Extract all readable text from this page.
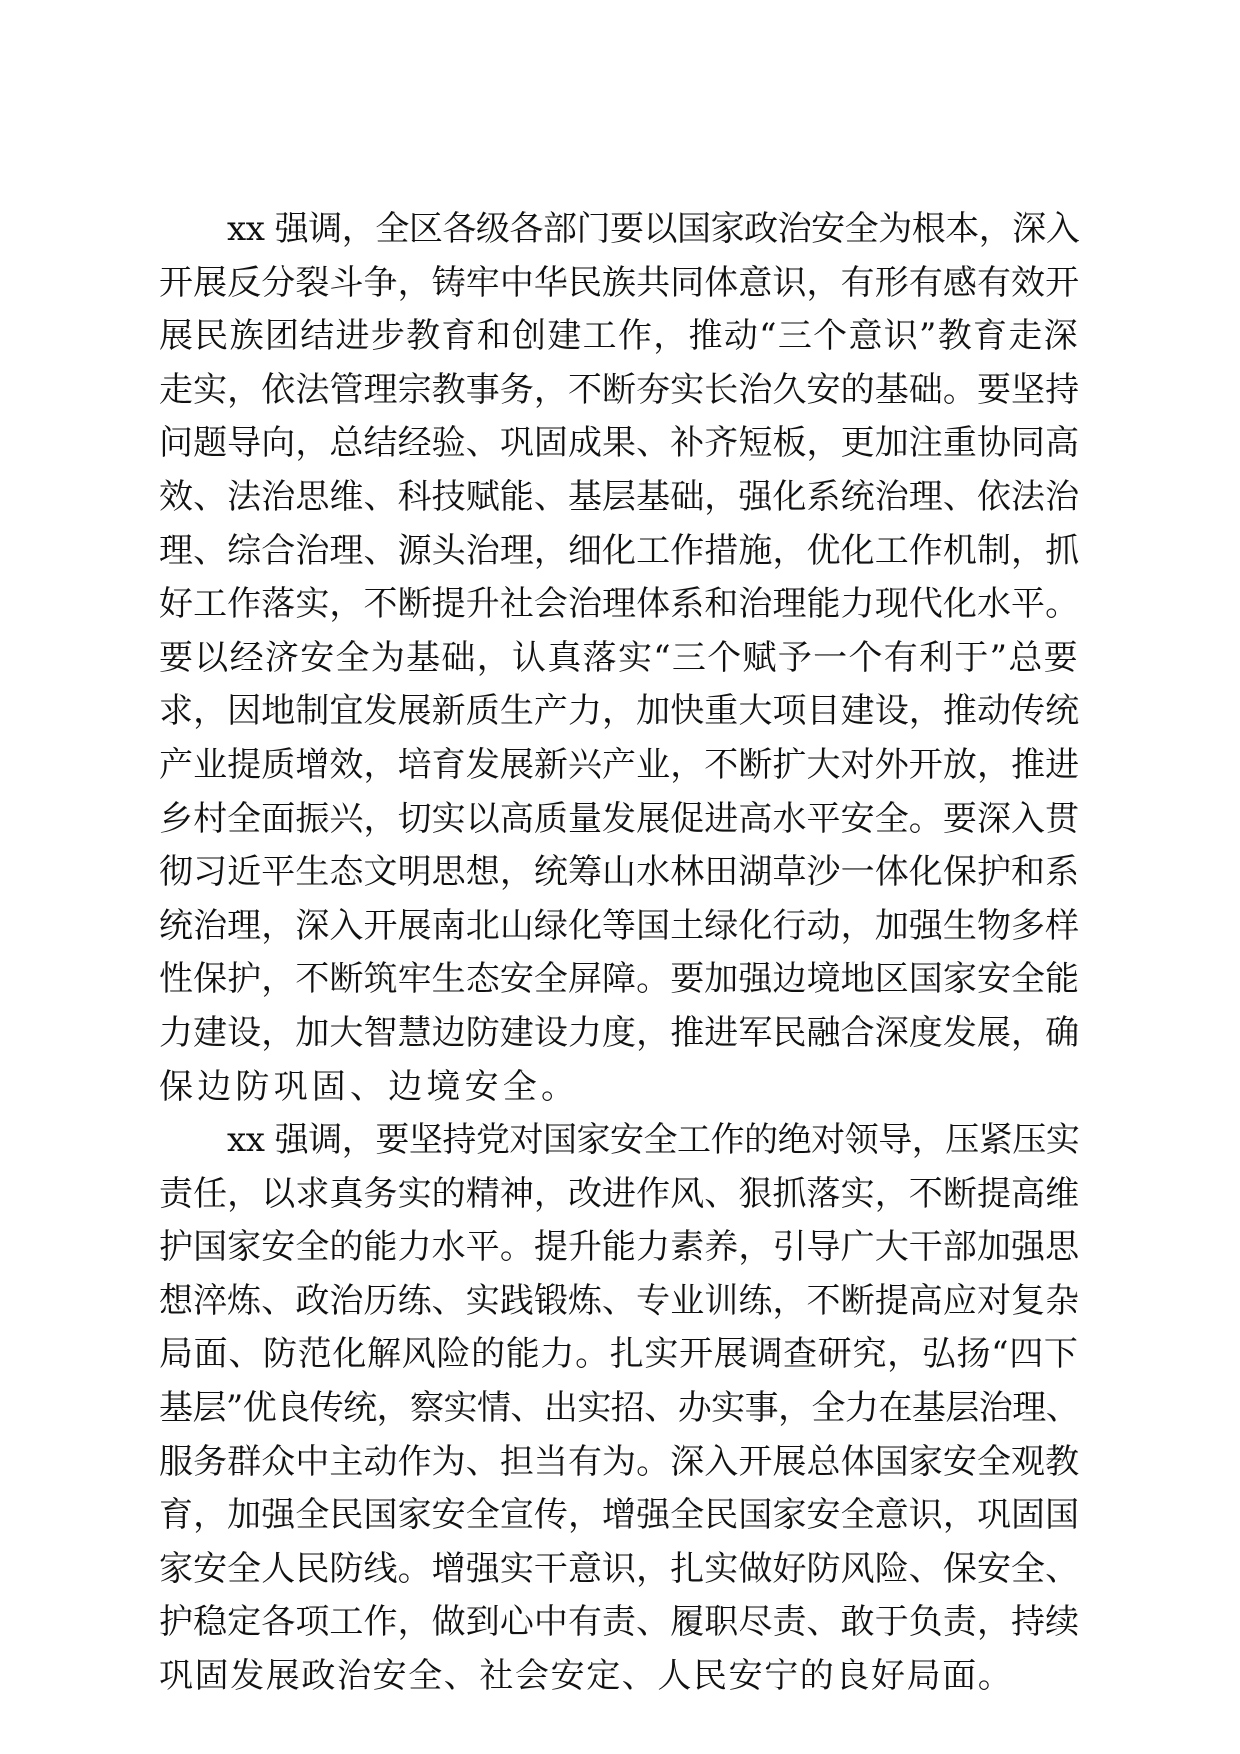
xx 强调，全区各级各部门要以国家政治安全为根本，深入
开展反分裂斗争，铸牢中华民族共同体意识，有形有感有效开
展民族团结进步教育和创建工作，推动“三个意识”教育走深
走实，依法管理宗教事务，不断夯实长治久安的基础。要坚持
问题导向，总结经验、巩固成果、补齐短板，更加注重协同高
效、法治思维、科技赋能、基层基础，强化系统治理、依法治
理、综合治理、源头治理，细化工作措施，优化工作机制，抓
好工作落实，不断提升社会治理体系和治理能力现代化水平。
要以经济安全为基础，认真落实“三个赋予一个有利于”总要
求，因地制宜发展新质生产力，加快重大项目建设，推动传统
产业提质增效，培育发展新兴产业，不断扩大对外开放，推进
乡村全面振兴，切实以高质量发展促进高水平安全。要深入贯
彻习近平生态文明思想，统筹山水林田湖草沙一体化保护和系
统治理，深入开展南北山绿化等国土绿化行动，加强生物多样
性保护，不断筑牢生态安全屏障。要加强边境地区国家安全能
力建设，加大智慧边防建设力度，推进军民融合深度发展，确
保边防巩固、边境安全。
xx 强调，要坚持党对国家安全工作的绝对领导，压紧压实
责任，以求真务实的精神，改进作风、狠抓落实，不断提高维
护国家安全的能力水平。提升能力素养，引导广大干部加强思
想淬炼、政治历练、实践锻炼、专业训练，不断提高应对复杂
局面、防范化解风险的能力。扎实开展调查研究，弘扬“四下
基层”优良传统，察实情、出实招、办实事，全力在基层治理、
服务群众中主动作为、担当有为。深入开展总体国家安全观教
育，加强全民国家安全宣传，增强全民国家安全意识，巩固国
家安全人民防线。增强实干意识，扎实做好防风险、保安全、
护稳定各项工作，做到心中有责、履职尽责、敢于负责，持续
巩固发展政治安全、社会安定、人民安宁的良好局面。
